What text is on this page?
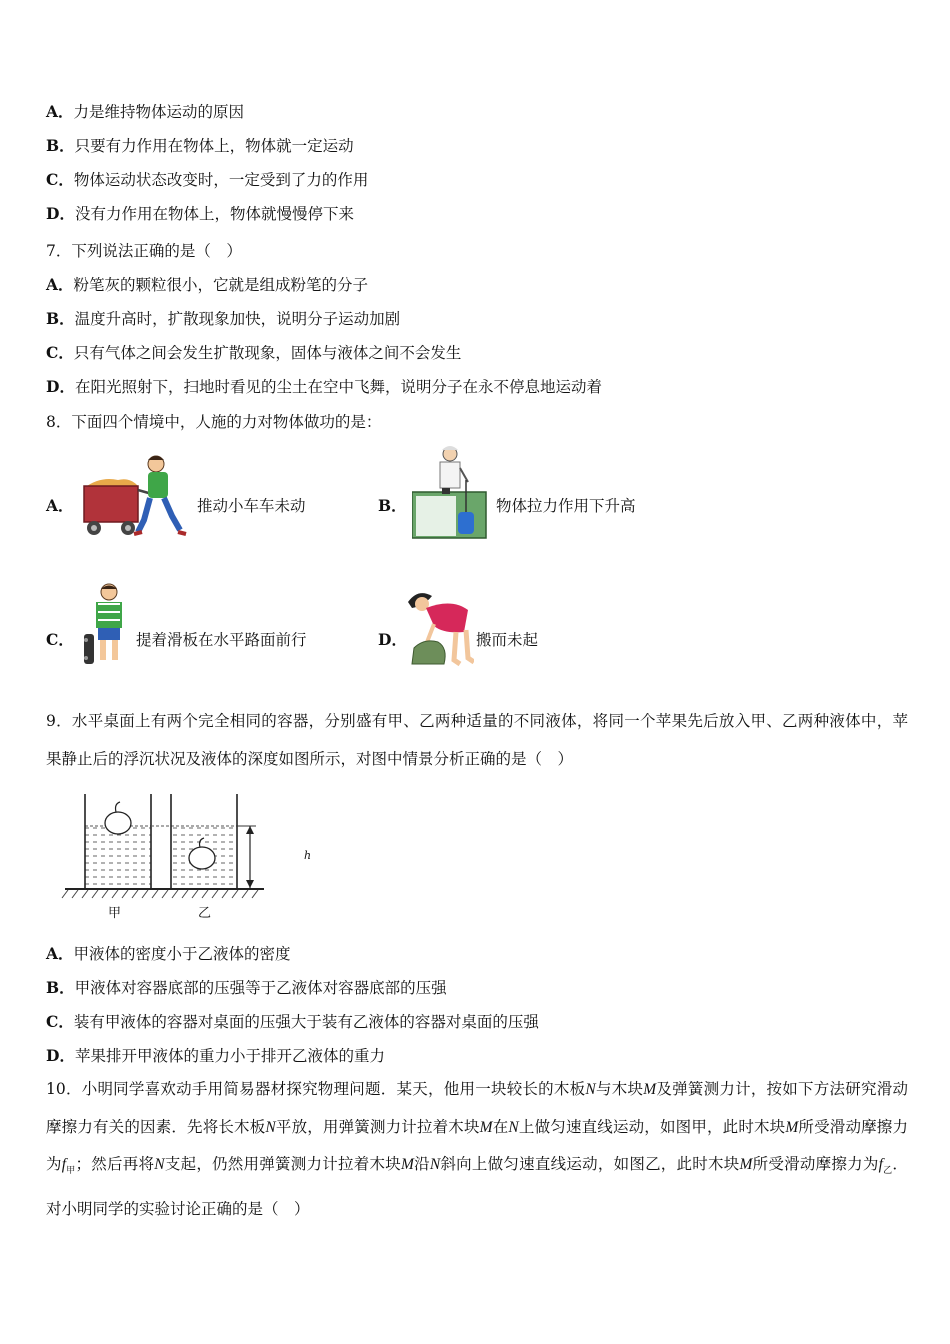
A．力是维持物体运动的原因
B．只要有力作用在物体上，物体就一定运动
C．物体运动状态改变时，一定受到了力的作用
D．没有力作用在物体上，物体就慢慢停下来
7．下列说法正确的是（　）
A．粉笔灰的颗粒很小，它就是组成粉笔的分子
B．温度升高时，扩散现象加快，说明分子运动加剧
C．只有气体之间会发生扩散现象，固体与液体之间不会发生
D．在阳光照射下，扫地时看见的尘土在空中飞舞，说明分子在永不停息地运动着
8．下面四个情境中，人施的力对物体做功的是：
A．	推动小车车未动	B．	物体拉力作用下升高
C．	提着滑板在水平路面前行	D．	搬而未起
9．水平桌面上有两个完全相同的容器，分别盛有甲、乙两种适量的不同液体，将同一个苹果先后放入甲、乙两种液体中，苹果静止后的浮沉状况及液体的深度如图所示，对图中情景分析正确的是（　）
h
甲	乙
A．甲液体的密度小于乙液体的密度
B．甲液体对容器底部的压强等于乙液体对容器底部的压强
C．装有甲液体的容器对桌面的压强大于装有乙液体的容器对桌面的压强
D．苹果排开甲液体的重力小于排开乙液体的重力
10．小明同学喜欢动手用简易器材探究物理问题．某天，他用一块较长的木板N与木块M及弹簧测力计，按如下方法研究滑动摩擦力有关的因素．先将长木板N平放，用弹簧测力计拉着木块M在N上做匀速直线运动，如图甲，此时木块M所受滑动摩擦力为$f_甲$；然后再将N支起，仍然用弹簧测力计拉着木块M沿N斜向上做匀速直线运动，如图乙，此时木块M所受滑动摩擦力为$f_乙$．对小明同学的实验讨论正确的是（　）
